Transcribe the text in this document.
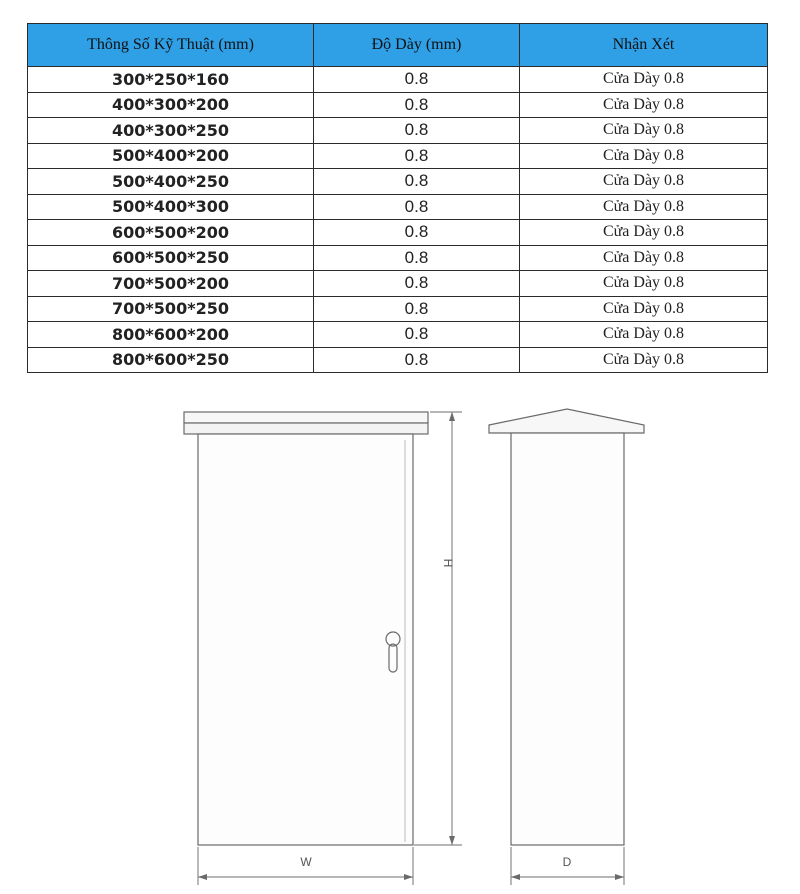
Thông Số Kỹ Thuật (mm)	Độ Dày (mm)	Nhận Xét
300*250*160	0.8	Cửa Dày 0.8
400*300*200	0.8	Cửa Dày 0.8
400*300*250	0.8	Cửa Dày 0.8
500*400*200	0.8	Cửa Dày 0.8
500*400*250	0.8	Cửa Dày 0.8
500*400*300	0.8	Cửa Dày 0.8
600*500*200	0.8	Cửa Dày 0.8
600*500*250	0.8	Cửa Dày 0.8
700*500*200	0.8	Cửa Dày 0.8
700*500*250	0.8	Cửa Dày 0.8
800*600*200	0.8	Cửa Dày 0.8
800*600*250	0.8	Cửa Dày 0.8
H
W	D
